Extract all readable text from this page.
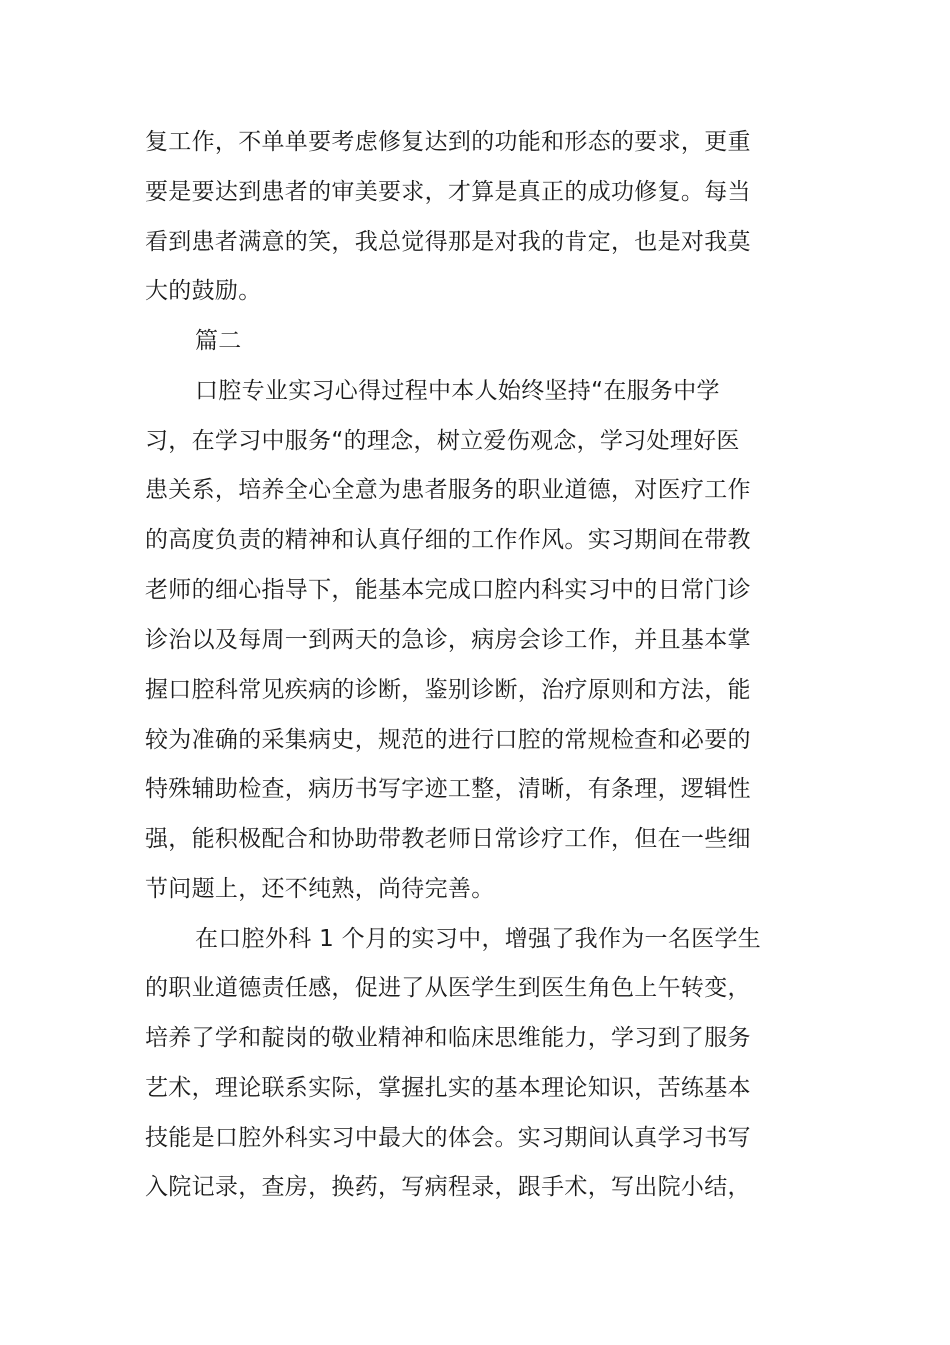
复工作，不单单要考虑修复达到的功能和形态的要求，更重
要是要达到患者的审美要求，才算是真正的成功修复。每当
看到患者满意的笑，我总觉得那是对我的肯定，也是对我莫
大的鼓励。
篇二
口腔专业实习心得过程中本人始终坚持“在服务中学
习，在学习中服务“的理念，树立爱伤观念，学习处理好医
患关系，培养全心全意为患者服务的职业道德，对医疗工作
的高度负责的精神和认真仔细的工作作风。实习期间在带教
老师的细心指导下，能基本完成口腔内科实习中的日常门诊
诊治以及每周一到两天的急诊，病房会诊工作，并且基本掌
握口腔科常见疾病的诊断，鉴别诊断，治疗原则和方法，能
较为准确的采集病史，规范的进行口腔的常规检查和必要的
特殊辅助检查，病历书写字迹工整，清晰，有条理，逻辑性
强，能积极配合和协助带教老师日常诊疗工作，但在一些细
节问题上，还不纯熟，尚待完善。
在口腔外科 1 个月的实习中，增强了我作为一名医学生
的职业道德责任感，促进了从医学生到医生角色上午转变，
培养了学和靛岗的敬业精神和临床思维能力，学习到了服务
艺术，理论联系实际，掌握扎实的基本理论知识，苦练基本
技能是口腔外科实习中最大的体会。实习期间认真学习书写
入院记录，查房，换药，写病程录，跟手术，写出院小结，
